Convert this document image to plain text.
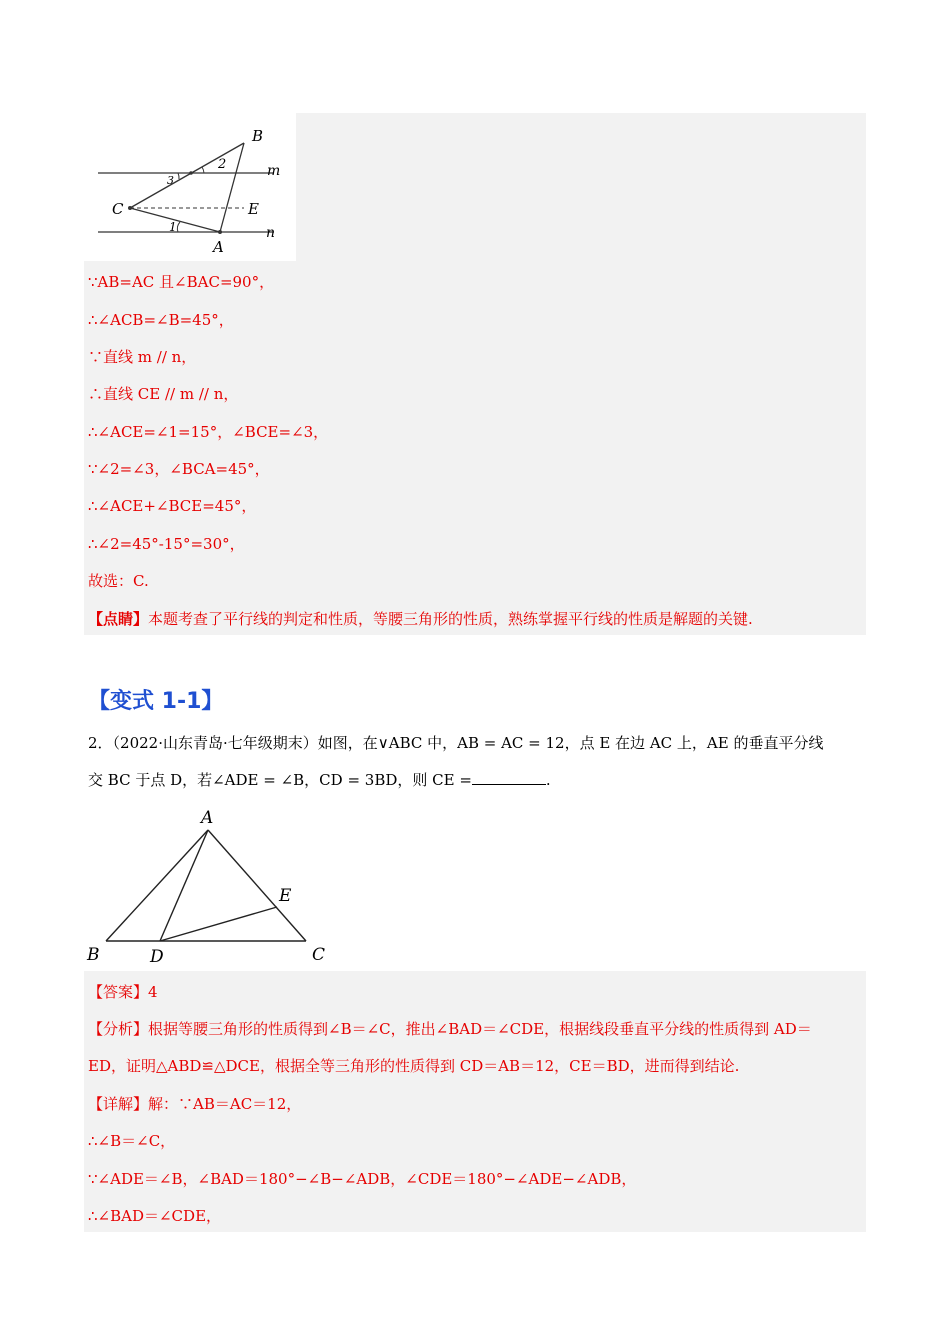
B
m
n
C	E
A
1
2
3
∵AB=AC 且∠BAC=90°，
∴∠ACB=∠B=45°，
∵直线 m // n，
∴直线 CE // m // n，
∴∠ACE=∠1=15°，∠BCE=∠3，
∵∠2=∠3，∠BCA=45°，
∴∠ACE+∠BCE=45°，
∴∠2=45°-15°=30°，
故选：C.
【点睛】本题考查了平行线的判定和性质，等腰三角形的性质，熟练掌握平行线的性质是解题的关键.
【变式 1-1】
2．（2022·山东青岛·七年级期末）如图，在∨ABC 中，AB = AC = 12，点 E 在边 AC 上，AE 的垂直平分线
交 BC 于点 D，若∠ADE = ∠B，CD = 3BD，则 CE =	.
A
B	C
D
E
【答案】4
【分析】根据等腰三角形的性质得到∠B＝∠C，推出∠BAD＝∠CDE，根据线段垂直平分线的性质得到 AD＝
ED，证明△ABD≌△DCE，根据全等三角形的性质得到 CD＝AB＝12，CE＝BD，进而得到结论.
【详解】解：∵AB＝AC＝12，
∴∠B＝∠C，
∵∠ADE＝∠B，∠BAD＝180°−∠B−∠ADB，∠CDE＝180°−∠ADE−∠ADB，
∴∠BAD＝∠CDE，
